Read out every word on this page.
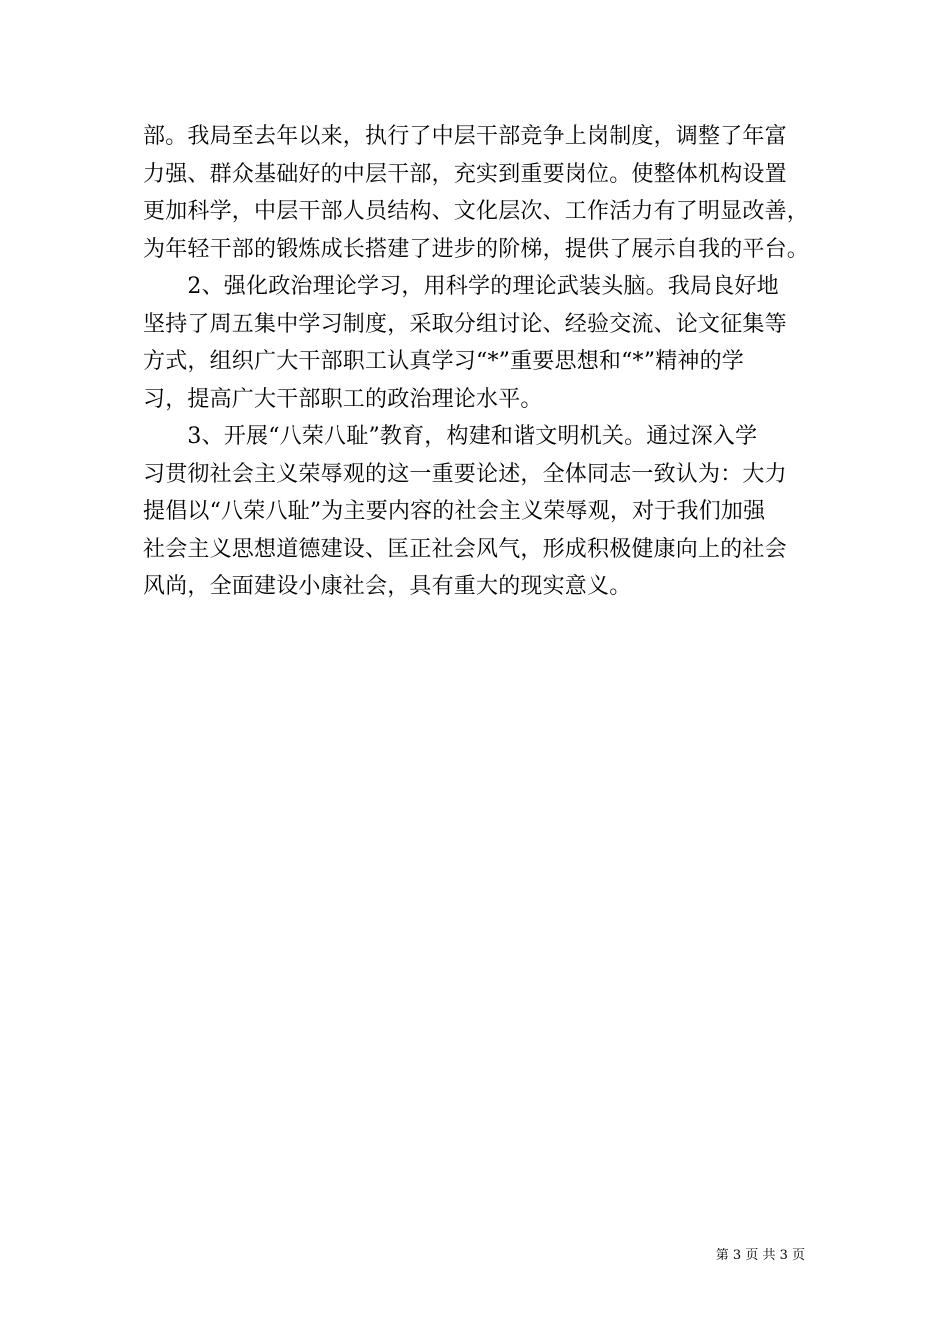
部。我局至去年以来，执行了中层干部竞争上岗制度，调整了年富
力强、群众基础好的中层干部，充实到重要岗位。使整体机构设置
更加科学，中层干部人员结构、文化层次、工作活力有了明显改善，
为年轻干部的锻炼成长搭建了进步的阶梯，提供了展示自我的平台。
　　2、强化政治理论学习，用科学的理论武装头脑。我局良好地
坚持了周五集中学习制度，采取分组讨论、经验交流、论文征集等
方式，组织广大干部职工认真学习“*”重要思想和“*”精神的学
习，提高广大干部职工的政治理论水平。
　　3、开展“八荣八耻”教育，构建和谐文明机关。通过深入学
习贯彻社会主义荣辱观的这一重要论述，全体同志一致认为：大力
提倡以“八荣八耻”为主要内容的社会主义荣辱观，对于我们加强
社会主义思想道德建设、匡正社会风气，形成积极健康向上的社会
风尚，全面建设小康社会，具有重大的现实意义。
第 3 页 共 3 页
